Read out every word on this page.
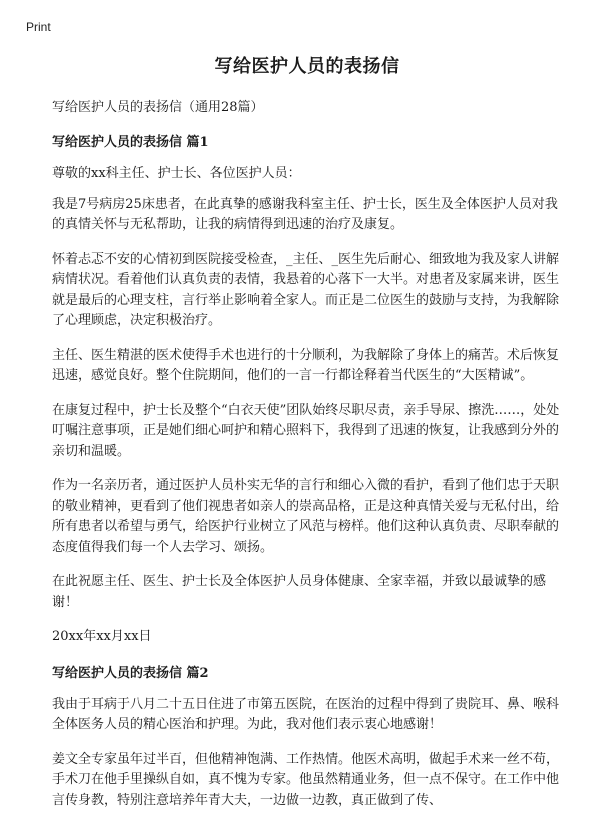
Print
写给医护人员的表扬信

写给医护人员的表扬信（通用28篇）

写给医护人员的表扬信 篇1

尊敬的xx科主任、护士长、各位医护人员：

我是7号病房25床患者，在此真挚的感谢我科室主任、护士长，医生及全体医护人员对我的真情关怀与无私帮助，让我的病情得到迅速的治疗及康复。

怀着忐忑不安的心情初到医院接受检查，_主任、_医生先后耐心、细致地为我及家人讲解病情状况。看着他们认真负责的表情，我悬着的心落下一大半。对患者及家属来讲，医生就是最后的心理支柱，言行举止影响着全家人。而正是二位医生的鼓励与支持，为我解除了心理顾虑，决定积极治疗。

主任、医生精湛的医术使得手术也进行的十分顺利，为我解除了身体上的痛苦。术后恢复迅速，感觉良好。整个住院期间，他们的一言一行都诠释着当代医生的“大医精诚”。

在康复过程中，护士长及整个“白衣天使”团队始终尽职尽责，亲手导尿、擦洗……，处处叮嘱注意事项，正是她们细心呵护和精心照料下，我得到了迅速的恢复，让我感到分外的亲切和温暖。

作为一名亲历者，通过医护人员朴实无华的言行和细心入微的看护，看到了他们忠于天职的敬业精神，更看到了他们视患者如亲人的崇高品格，正是这种真情关爱与无私付出，给所有患者以希望与勇气，给医护行业树立了风范与榜样。他们这种认真负责、尽职奉献的态度值得我们每一个人去学习、颂扬。

在此祝愿主任、医生、护士长及全体医护人员身体健康、全家幸福，并致以最诚挚的感谢！

20xx年xx月xx日

写给医护人员的表扬信 篇2

我由于耳病于八月二十五日住进了市第五医院，在医治的过程中得到了贵院耳、鼻、喉科全体医务人员的精心医治和护理。为此，我对他们表示衷心地感谢！

姜文全专家虽年过半百，但他精神饱满、工作热情。他医术高明，做起手术来一丝不苟，手术刀在他手里操纵自如，真不愧为专家。他虽然精通业务，但一点不保守。在工作中他言传身教，特别注意培养年青大夫，一边做一边教，真正做到了传、
